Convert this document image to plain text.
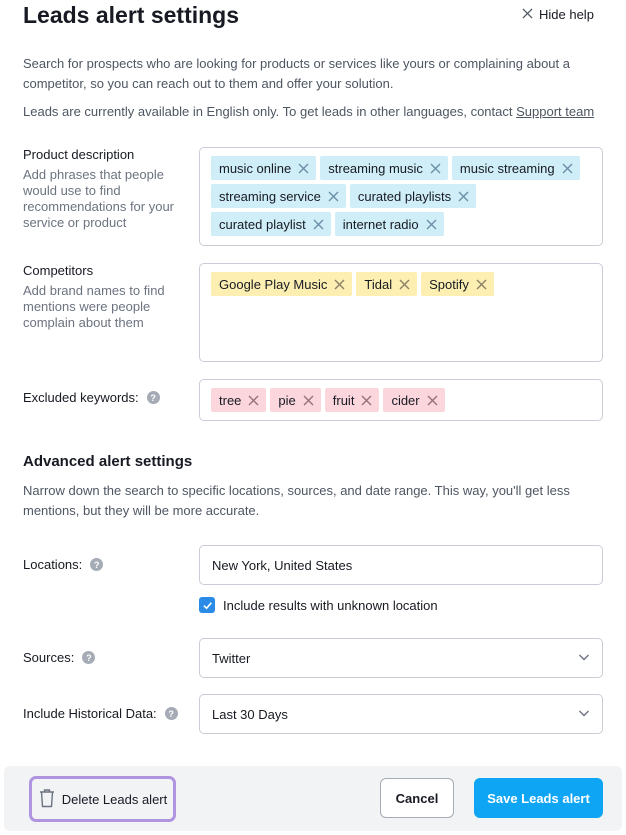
Leads alert settings	Hide help
Search for prospects who are looking for products or services like yours or complaining about a competitor, so you can reach out to them and offer your solution.
Leads are currently available in English only. To get leads in other languages, contact Support team
Product description
Add phrases that people would use to find recommendations for your service or product
music online	streaming music	music streaming
streaming service	curated playlists
curated playlist	internet radio
Competitors
Add brand names to find mentions were people complain about them
Google Play Music	Tidal	Spotify
Excluded keywords:	?	tree	pie	fruit	cider
Advanced alert settings
Narrow down the search to specific locations, sources, and date range. This way, you'll get less mentions, but they will be more accurate.
Locations:	?	New York, United States
Include results with unknown location
Sources:	?	Twitter
Include Historical Data:	?	Last 30 Days
Delete Leads alert	Cancel	Save Leads alert
